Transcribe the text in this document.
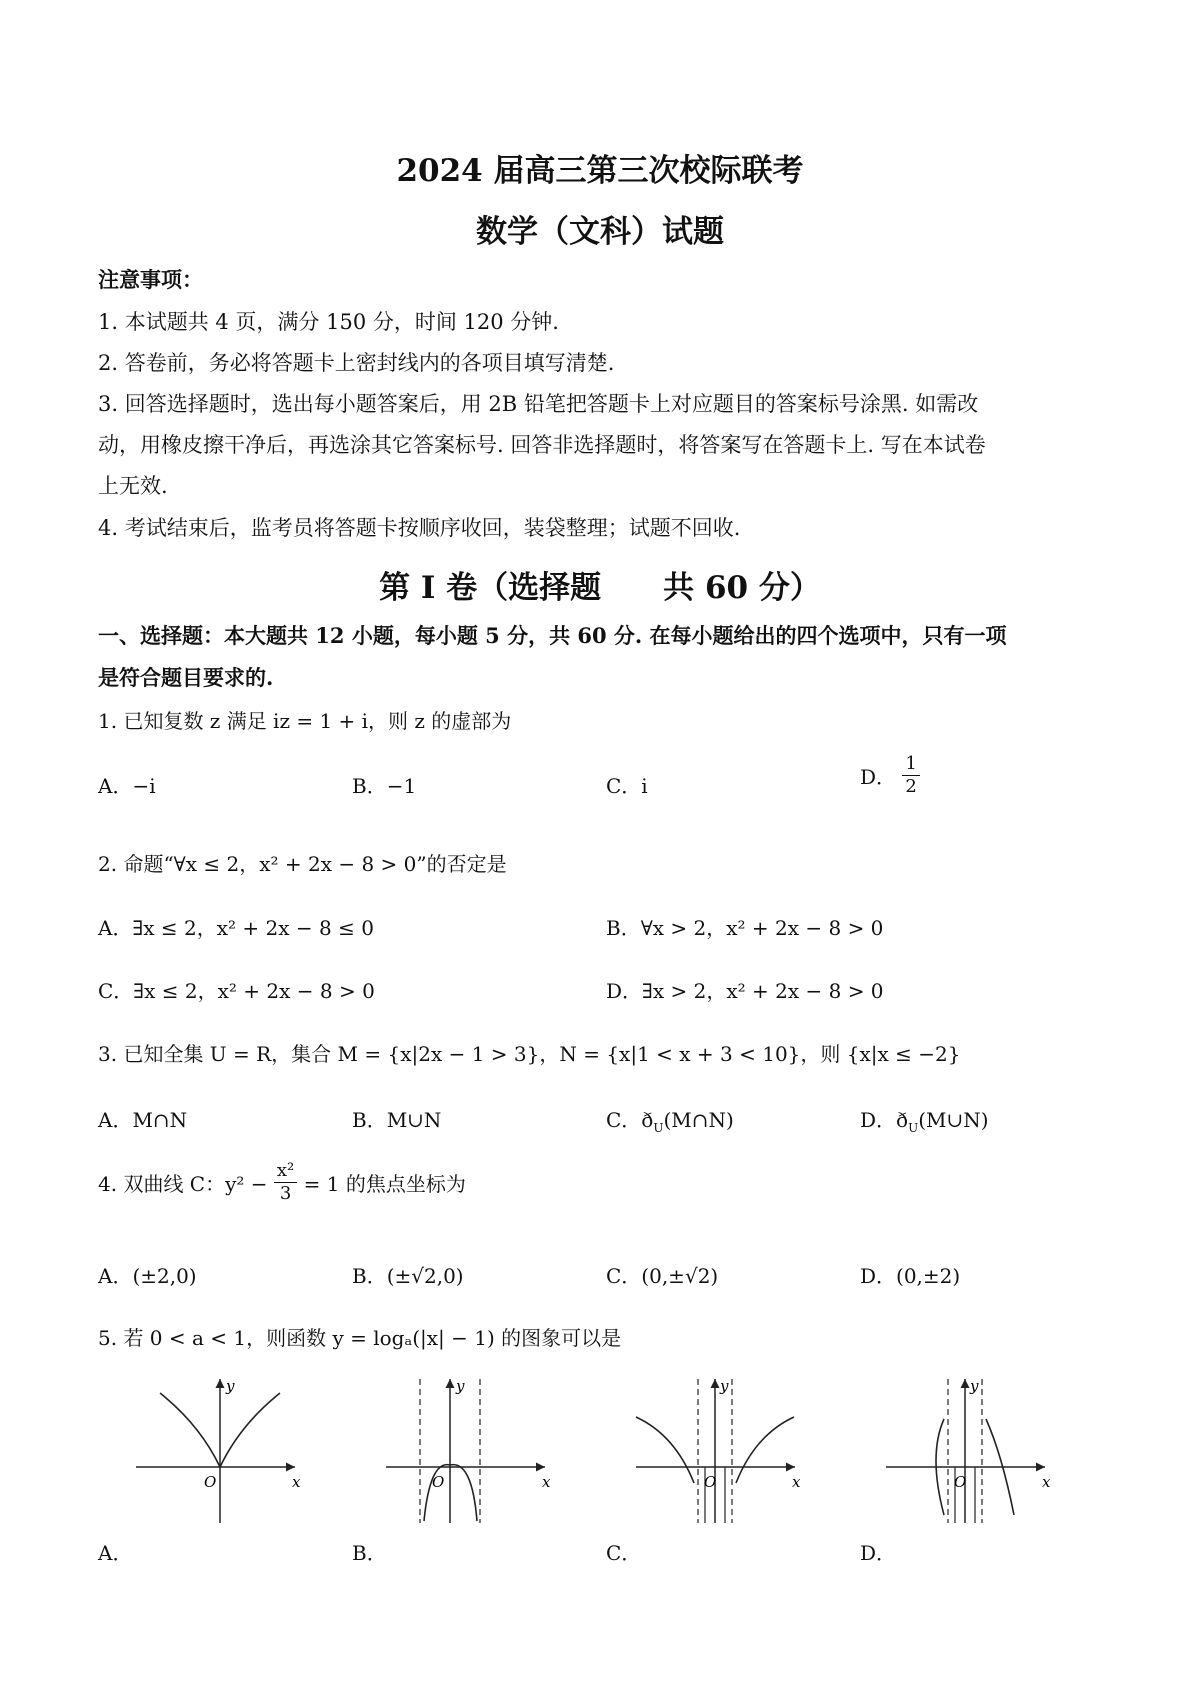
2024 届高三第三次校际联考
数学（文科）试题
注意事项：
1. 本试题共 4 页，满分 150 分，时间 120 分钟.
2. 答卷前，务必将答题卡上密封线内的各项目填写清楚.
3. 回答选择题时，选出每小题答案后，用 2B 铅笔把答题卡上对应题目的答案标号涂黑. 如需改
动，用橡皮擦干净后，再选涂其它答案标号. 回答非选择题时，将答案写在答题卡上. 写在本试卷
上无效.
4. 考试结束后，监考员将答题卡按顺序收回，装袋整理；试题不回收.
第 I 卷（选择题　　共 60 分）
一、选择题：本大题共 12 小题，每小题 5 分，共 60 分. 在每小题给出的四个选项中，只有一项
是符合题目要求的.
1. 已知复数 z 满足 iz = 1 + i，则 z 的虚部为
A．−i	B．−1	C．i	D． $\frac{1}{2}$
2. 命题“∀x ≤ 2，x² + 2x − 8 > 0”的否定是
A．∃x ≤ 2，x² + 2x − 8 ≤ 0	B．∀x > 2，x² + 2x − 8 > 0
C．∃x ≤ 2，x² + 2x − 8 > 0	D．∃x > 2，x² + 2x − 8 > 0
3. 已知全集 U = R，集合 M = {x|2x − 1 > 3}，N = {x|1 < x + 3 < 10}，则 {x|x ≤ −2}
A．M∩N	B．M∪N	C．$ð_U(M\cap N)$	D．$ð_U(M\cup N)$
4. 双曲线 C：$y^2 - \frac{\text{x²}}{3} = 1$ 的焦点坐标为
A．(±2,0)	B．(±√2,0)	C．(0,±√2)	D．(0,±2)
5. 若 0 < a < 1，则函数 y = logₐ(|x| − 1) 的图象可以是
y
x
O
y
x
O
y
x
O
y
x
O
A．	B．	C．	D．
